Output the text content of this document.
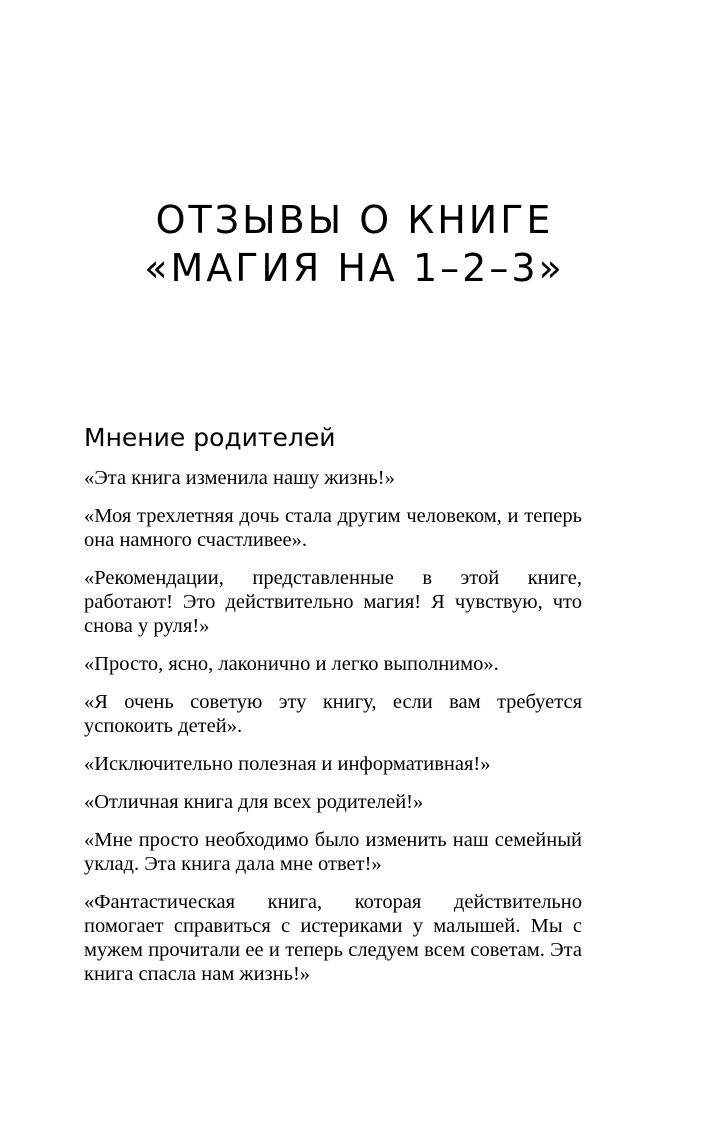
ОТЗЫВЫ О КНИГЕ
«МАГИЯ НА 1–2–3»
Мнение родителей

«Эта книга изменила нашу жизнь!»

«Моя трехлетняя дочь стала другим человеком, и теперь она намного счастливее».

«Рекомендации, представленные в этой книге, работают! Это действительно магия! Я чувствую, что снова у руля!»

«Просто, ясно, лаконично и легко выполнимо».

«Я очень советую эту книгу, если вам требуется успокоить детей».

«Исключительно полезная и информативная!»

«Отличная книга для всех родителей!»

«Мне просто необходимо было изменить наш семейный уклад. Эта книга дала мне ответ!»

«Фантастическая книга, которая действительно помогает справиться с истериками у малышей. Мы с мужем прочитали ее и теперь следуем всем советам. Эта книга спасла нам жизнь!»
